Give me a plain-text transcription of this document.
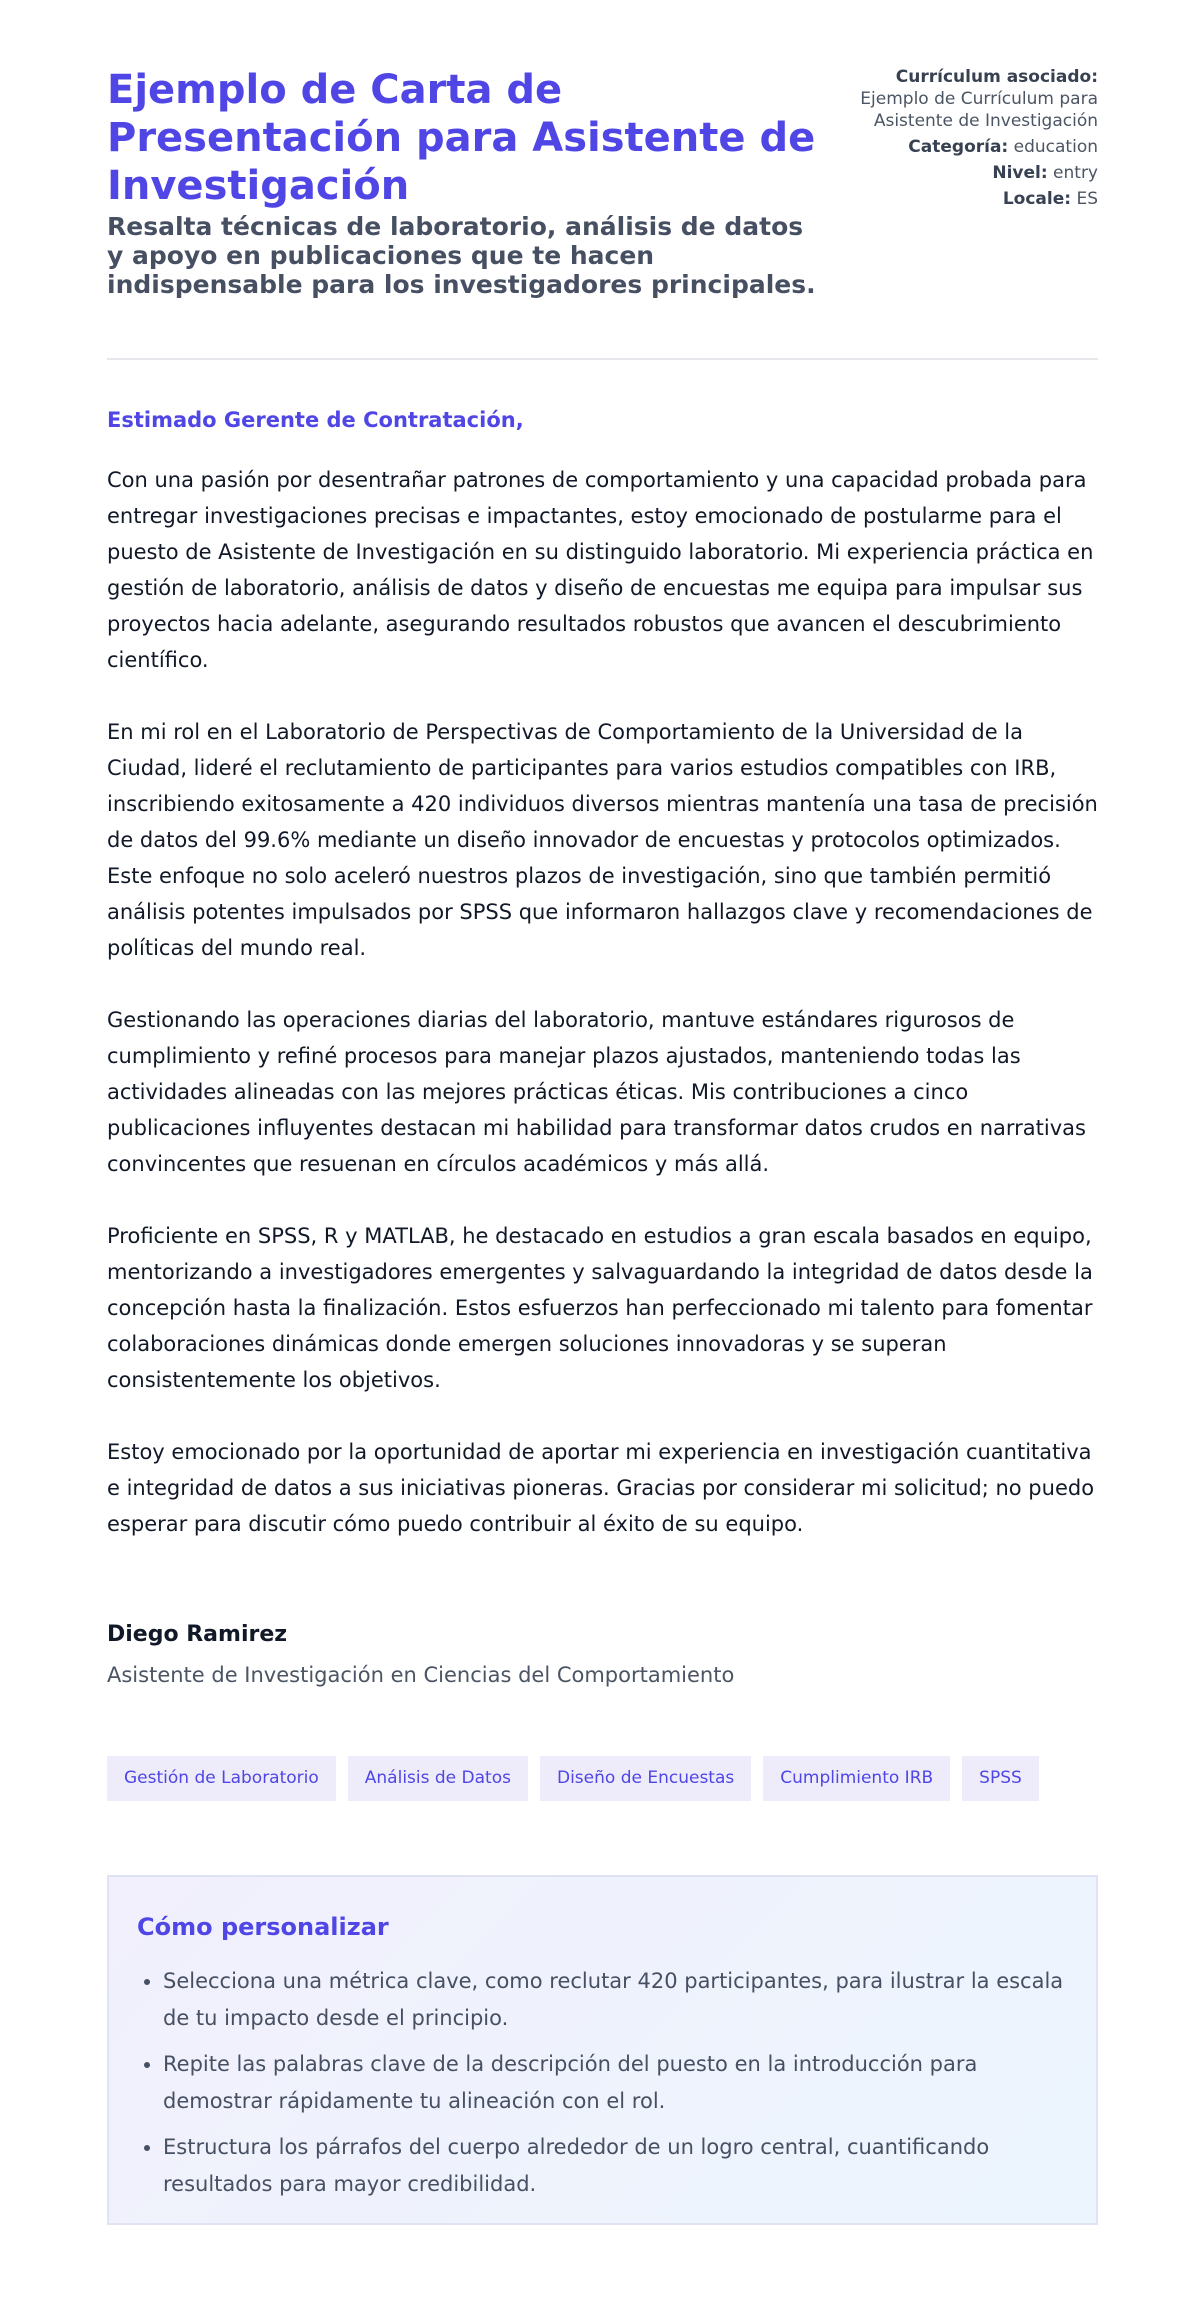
Ejemplo de Carta de Presentación para Asistente de Investigación
Resalta técnicas de laboratorio, análisis de datos y apoyo en publicaciones que te hacen indispensable para los investigadores principales.
Currículum asociado:
Ejemplo de Currículum para Asistente de Investigación
Categoría: education
Nivel: entry
Locale: ES
Estimado Gerente de Contratación,

Con una pasión por desentrañar patrones de comportamiento y una capacidad probada para entregar investigaciones precisas e impactantes, estoy emocionado de postularme para el puesto de Asistente de Investigación en su distinguido laboratorio. Mi experiencia práctica en gestión de laboratorio, análisis de datos y diseño de encuestas me equipa para impulsar sus proyectos hacia adelante, asegurando resultados robustos que avancen el descubrimiento científico.

En mi rol en el Laboratorio de Perspectivas de Comportamiento de la Universidad de la Ciudad, lideré el reclutamiento de participantes para varios estudios compatibles con IRB, inscribiendo exitosamente a 420 individuos diversos mientras mantenía una tasa de precisión de datos del 99.6% mediante un diseño innovador de encuestas y protocolos optimizados. Este enfoque no solo aceleró nuestros plazos de investigación, sino que también permitió análisis potentes impulsados por SPSS que informaron hallazgos clave y recomendaciones de políticas del mundo real.

Gestionando las operaciones diarias del laboratorio, mantuve estándares rigurosos de cumplimiento y refiné procesos para manejar plazos ajustados, manteniendo todas las actividades alineadas con las mejores prácticas éticas. Mis contribuciones a cinco publicaciones influyentes destacan mi habilidad para transformar datos crudos en narrativas convincentes que resuenan en círculos académicos y más allá.

Proficiente en SPSS, R y MATLAB, he destacado en estudios a gran escala basados en equipo, mentorizando a investigadores emergentes y salvaguardando la integridad de datos desde la concepción hasta la finalización. Estos esfuerzos han perfeccionado mi talento para fomentar colaboraciones dinámicas donde emergen soluciones innovadoras y se superan consistentemente los objetivos.

Estoy emocionado por la oportunidad de aportar mi experiencia en investigación cuantitativa e integridad de datos a sus iniciativas pioneras. Gracias por considerar mi solicitud; no puedo esperar para discutir cómo puedo contribuir al éxito de su equipo.

Diego Ramirez
Asistente de Investigación en Ciencias del Comportamiento
Gestión de Laboratorio	Análisis de Datos	Diseño de Encuestas	Cumplimiento IRB	SPSS
Cómo personalizar
• Selecciona una métrica clave, como reclutar 420 participantes, para ilustrar la escala de tu impacto desde el principio.
• Repite las palabras clave de la descripción del puesto en la introducción para demostrar rápidamente tu alineación con el rol.
• Estructura los párrafos del cuerpo alrededor de un logro central, cuantificando resultados para mayor credibilidad.
